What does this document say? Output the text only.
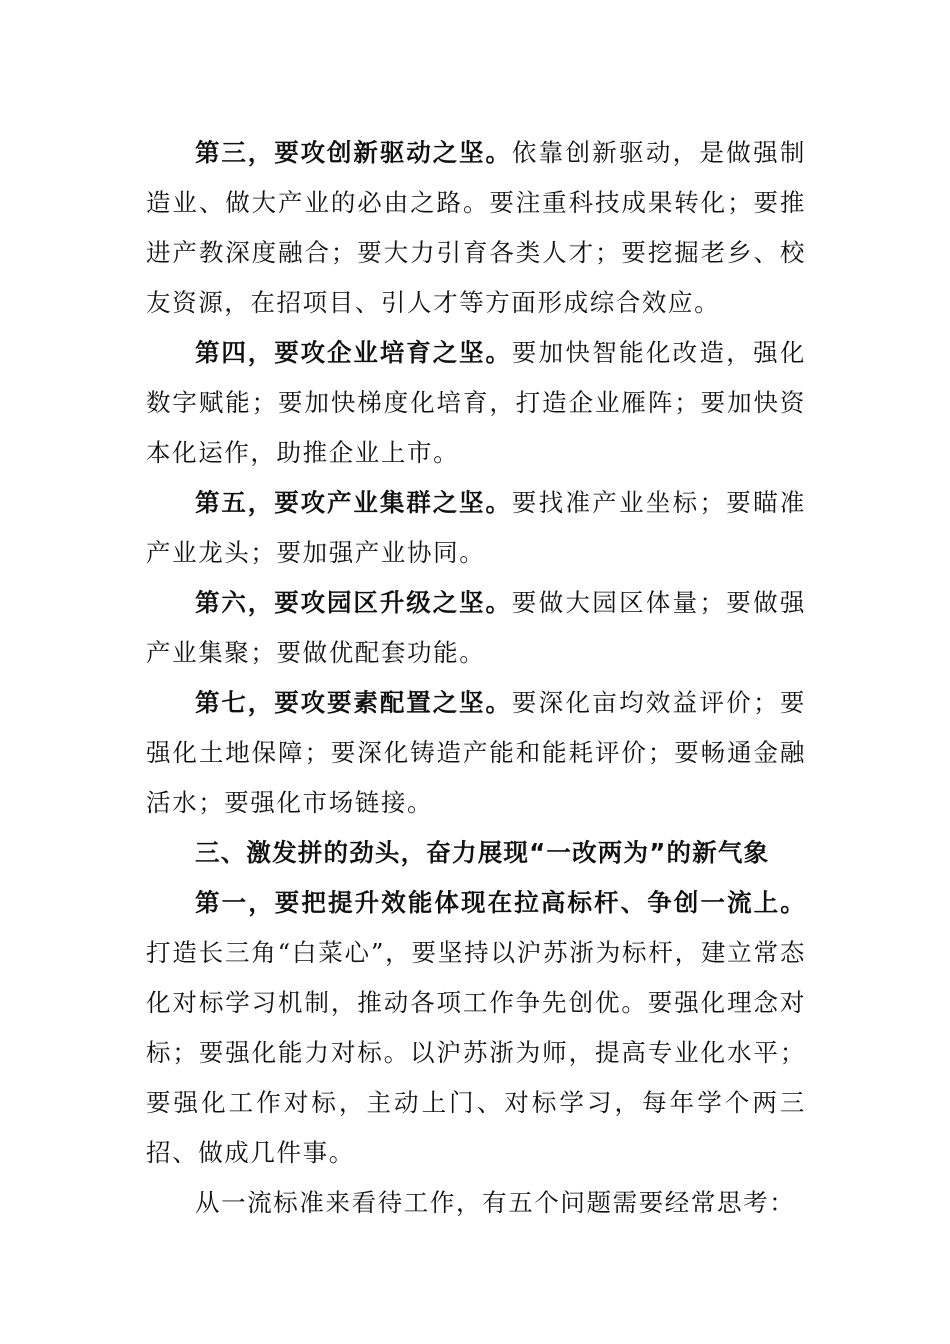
第三，要攻创新驱动之坚。依靠创新驱动，是做强制造业、做大产业的必由之路。要注重科技成果转化；要推进产教深度融合；要大力引育各类人才；要挖掘老乡、校友资源，在招项目、引人才等方面形成综合效应。

第四，要攻企业培育之坚。要加快智能化改造，强化数字赋能；要加快梯度化培育，打造企业雁阵；要加快资本化运作，助推企业上市。

第五，要攻产业集群之坚。要找准产业坐标；要瞄准产业龙头；要加强产业协同。

第六，要攻园区升级之坚。要做大园区体量；要做强产业集聚；要做优配套功能。

第七，要攻要素配置之坚。要深化亩均效益评价；要强化土地保障；要深化铸造产能和能耗评价；要畅通金融活水；要强化市场链接。

三、激发拼的劲头，奋力展现“一改两为”的新气象

第一，要把提升效能体现在拉高标杆、争创一流上。打造长三角“白菜心”，要坚持以沪苏浙为标杆，建立常态化对标学习机制，推动各项工作争先创优。要强化理念对标；要强化能力对标。以沪苏浙为师，提高专业化水平；要强化工作对标，主动上门、对标学习，每年学个两三招、做成几件事。

从一流标准来看待工作，有五个问题需要经常思考：
